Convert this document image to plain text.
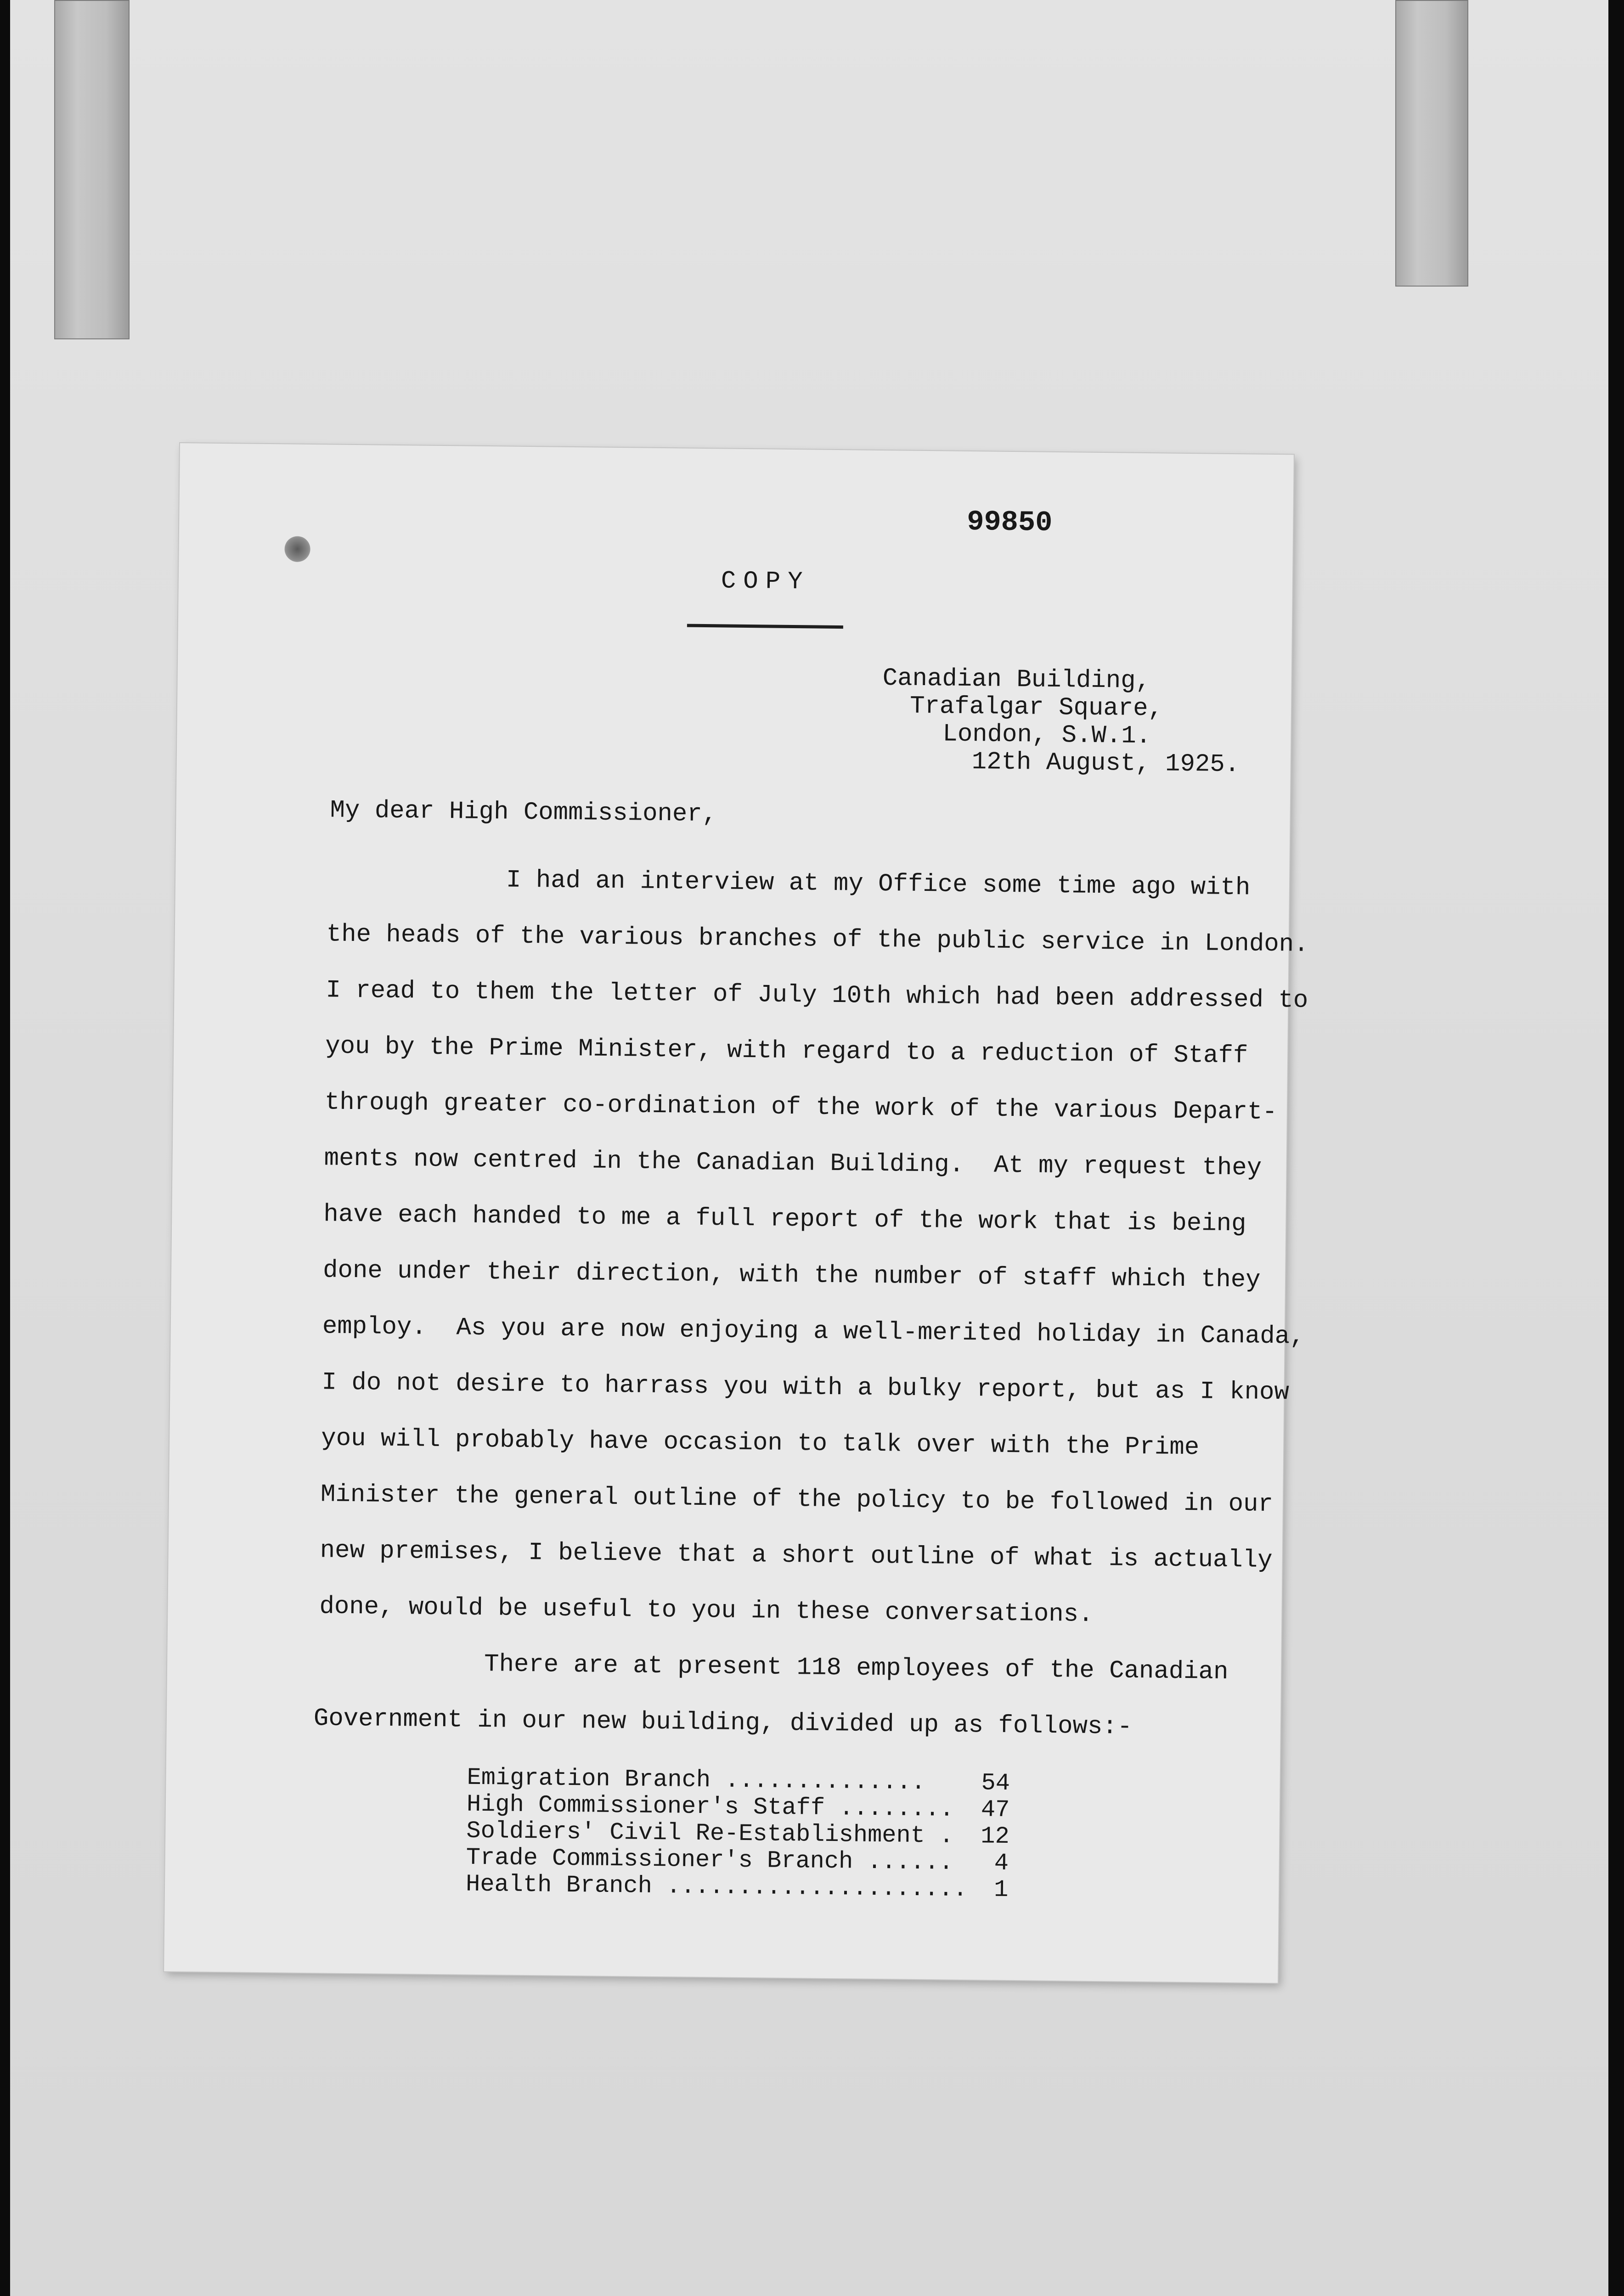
99850
COPY
Canadian Building,
Trafalgar Square,
London, S.W.1.
12th August, 1925.
My dear High Commissioner,
I had an interview at my Office some time ago with
the heads of the various branches of the public service in London.
I read to them the letter of July 10th which had been addressed to
you by the Prime Minister, with regard to a reduction of Staff
through greater co-ordination of the work of the various Depart-
ments now centred in the Canadian Building.  At my request they
have each handed to me a full report of the work that is being
done under their direction, with the number of staff which they
employ.  As you are now enjoying a well-merited holiday in Canada,
I do not desire to harrass you with a bulky report, but as I know
you will probably have occasion to talk over with the Prime
Minister the general outline of the policy to be followed in our
new premises, I believe that a short outline of what is actually
done, would be useful to you in these conversations.
There are at present 118 employees of the Canadian
Government in our new building, divided up as follows:-
Emigration Branch .............. 54
High Commissioner's Staff ........ 47
Soldiers' Civil Re-Establishment . 12
Trade Commissioner's Branch ...... 4
Health Branch ..................... 1
